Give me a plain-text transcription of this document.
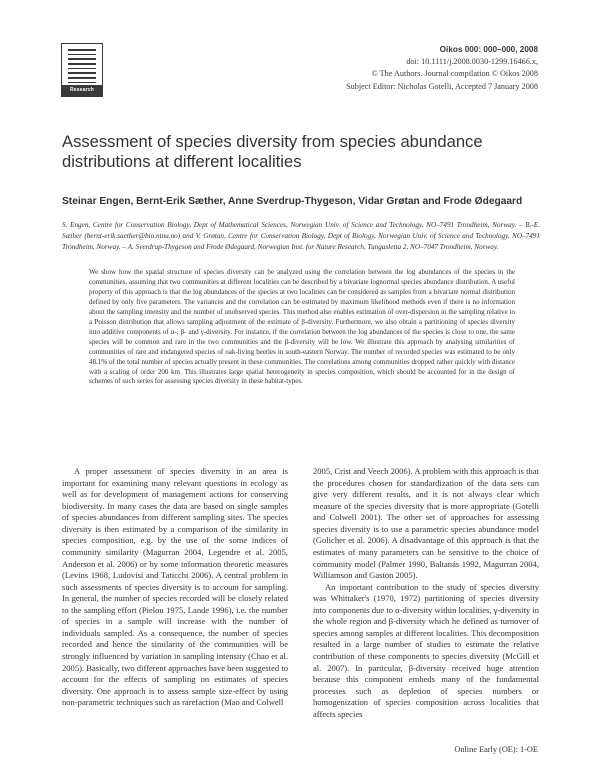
Research
Oikos 000: 000–000, 2008
doi: 10.1111/j.2008.0030-1299.16466.x,
© The Authors. Journal compilation © Oikos 2008
Subject Editor: Nicholas Gotelli, Accepted 7 January 2008
Assessment of species diversity from species abundance distributions at different localities

Steinar Engen, Bernt-Erik Sæther, Anne Sverdrup-Thygeson, Vidar Grøtan and Frode Ødegaard

S. Engen, Centre for Conservation Biology, Dept of Mathematical Sciences, Norwegian Univ. of Science and Technology, NO–7491 Trondheim, Norway. – B.-E. Sæther (bernt-erik.saether@bio.ntnu.no) and V. Grøtan, Centre for Conservation Biology, Dept of Biology, Norwegian Univ. of Science and Technology, NO–7491 Trondheim, Norway. – A. Sverdrup-Thygeson and Frode Ødegaard, Norwegian Inst. for Nature Research, Tungasletta 2, NO–7047 Trondheim, Norway.

We show how the spatial structure of species diversity can be analyzed using the correlation between the log abundances of the species in the communities, assuming that two communities at different localities can be described by a bivariate lognormal species abundance distribution. A useful property of this approach is that the log abundances of the species at two localities can be considered as samples from a bivariate normal distribution defined by only five parameters. The variances and the correlation can be estimated by maximum likelihood methods even if there is no information about the sampling intensity and the number of unobserved species. This method also enables estimation of over-dispersion in the sampling relative to a Poisson distribution that allows sampling adjustment of the estimate of β-diversity. Furthermore, we also obtain a partitioning of species diversity into additive components of α-, β- and γ-diversity. For instance, if the correlation between the log abundances of the species is close to one, the same species will be common and rare in the two communities and the β-diversity will be low. We illustrate this approach by analysing similarities of communities of rare and endangered species of oak-living beetles in south-eastern Norway. The number of recorded species was estimated to be only 48.1% of the total number of species actually present in these communities. The correlations among communities dropped rather quickly with distance with a scaling of order 200 km. This illustrates large spatial heterogeneity in species composition, which should be accounted for in the design of schemes of such series for assessing species diversity in these habitat-types.

A proper assessment of species diversity in an area is important for examining many relevant questions in ecology as well as for development of management actions for conserving biodiversity. In many cases the data are based on single samples of species abundances from different sampling sites. The species diversity is then estimated by a comparison of the similarity in species composition, e.g. by the use of the some indices of community similarity (Magurran 2004, Legendre et al. 2005, Anderson et al. 2006) or by some information theoretic measures (Levins 1968, Ludovisi and Taticchi 2006). A central problem in such assessments of species diversity is to account for sampling. In general, the number of species recorded will be closely related to the sampling effort (Pielou 1975, Lande 1996), i.e. the number of species in a sample will increase with the number of individuals sampled. As a consequence, the number of species recorded and hence the similarity of the communities will be strongly influenced by variation in sampling intensity (Chao et al. 2005). Basically, two different approaches have been suggested to account for the effects of sampling on estimates of species diversity. One approach is to assess sample size-effect by using non-parametric techniques such as rarefaction (Mao and Colwell

2005, Crist and Veech 2006). A problem with this approach is that the procedures chosen for standardization of the data sets can give very different results, and it is not always clear which measure of the species diversity that is more appropriate (Gotelli and Colwell 2001). The other set of approaches for assessing species diversity is to use a parametric species abundance model (Golicher et al. 2006). A disadvantage of this approach is that the estimates of many parameters can be sensitive to the choice of community model (Palmer 1990, Baltanás 1992, Magurran 2004, Williamson and Gaston 2005).

An important contribution to the study of species diversity was Whittaker's (1970, 1972) partitioning of species diversity into components due to α-diversity within localities, γ-diversity in the whole region and β-diversity which he defined as turnover of species among samples at different localities. This decomposition resulted in a large number of studies to estimate the relative contribution of these components to species diversity (McGill et al. 2007). In particular, β-diversity received huge attention because this component embeds many of the fundamental processes such as depletion of species numbers or homogenization of species composition across localities that affects species

Online Early (OE): 1-OE
